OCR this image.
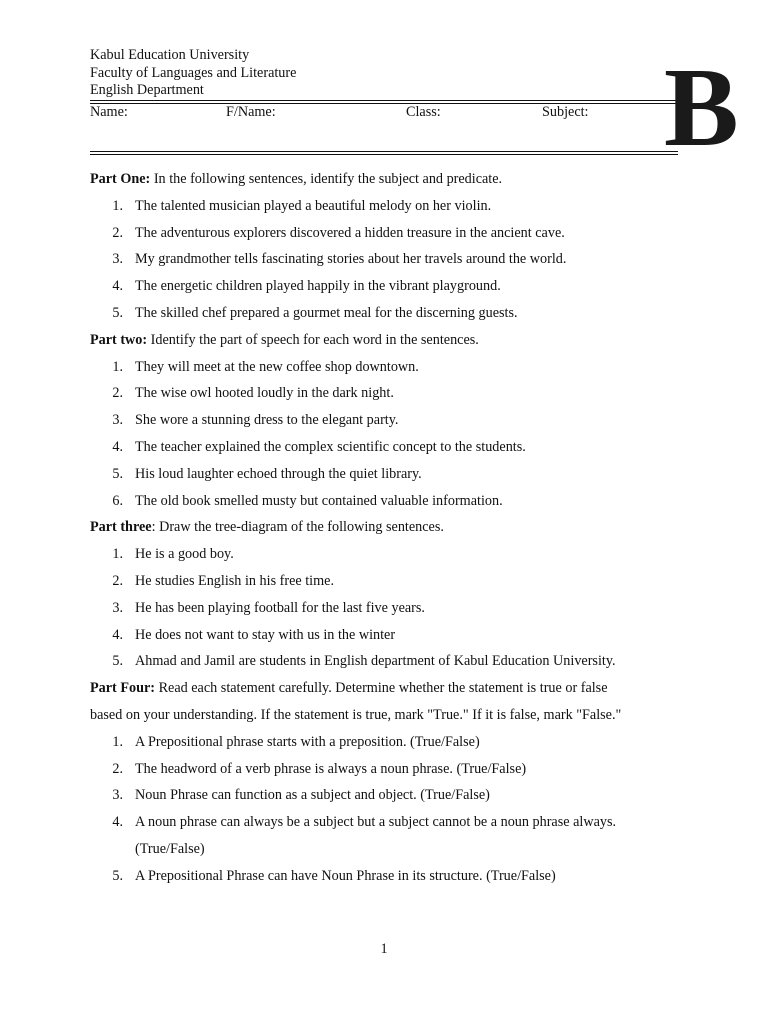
Kabul Education University
Faculty of Languages and Literature
English Department
Name:	F/Name:	Class:	Subject: B
Part One: In the following sentences, identify the subject and predicate.
1. The talented musician played a beautiful melody on her violin.
2. The adventurous explorers discovered a hidden treasure in the ancient cave.
3. My grandmother tells fascinating stories about her travels around the world.
4. The energetic children played happily in the vibrant playground.
5. The skilled chef prepared a gourmet meal for the discerning guests.
Part two: Identify the part of speech for each word in the sentences.
1. They will meet at the new coffee shop downtown.
2. The wise owl hooted loudly in the dark night.
3. She wore a stunning dress to the elegant party.
4. The teacher explained the complex scientific concept to the students.
5. His loud laughter echoed through the quiet library.
6. The old book smelled musty but contained valuable information.
Part three: Draw the tree-diagram of the following sentences.
1. He is a good boy.
2. He studies English in his free time.
3. He has been playing football for the last five years.
4. He does not want to stay with us in the winter
5. Ahmad and Jamil are students in English department of Kabul Education University.
Part Four: Read each statement carefully. Determine whether the statement is true or false
based on your understanding. If the statement is true, mark "True." If it is false, mark "False."
1. A Prepositional phrase starts with a preposition. (True/False)
2. The headword of a verb phrase is always a noun phrase. (True/False)
3. Noun Phrase can function as a subject and object. (True/False)
4. A noun phrase can always be a subject but a subject cannot be a noun phrase always.
(True/False)
5. A Prepositional Phrase can have Noun Phrase in its structure. (True/False)
1
